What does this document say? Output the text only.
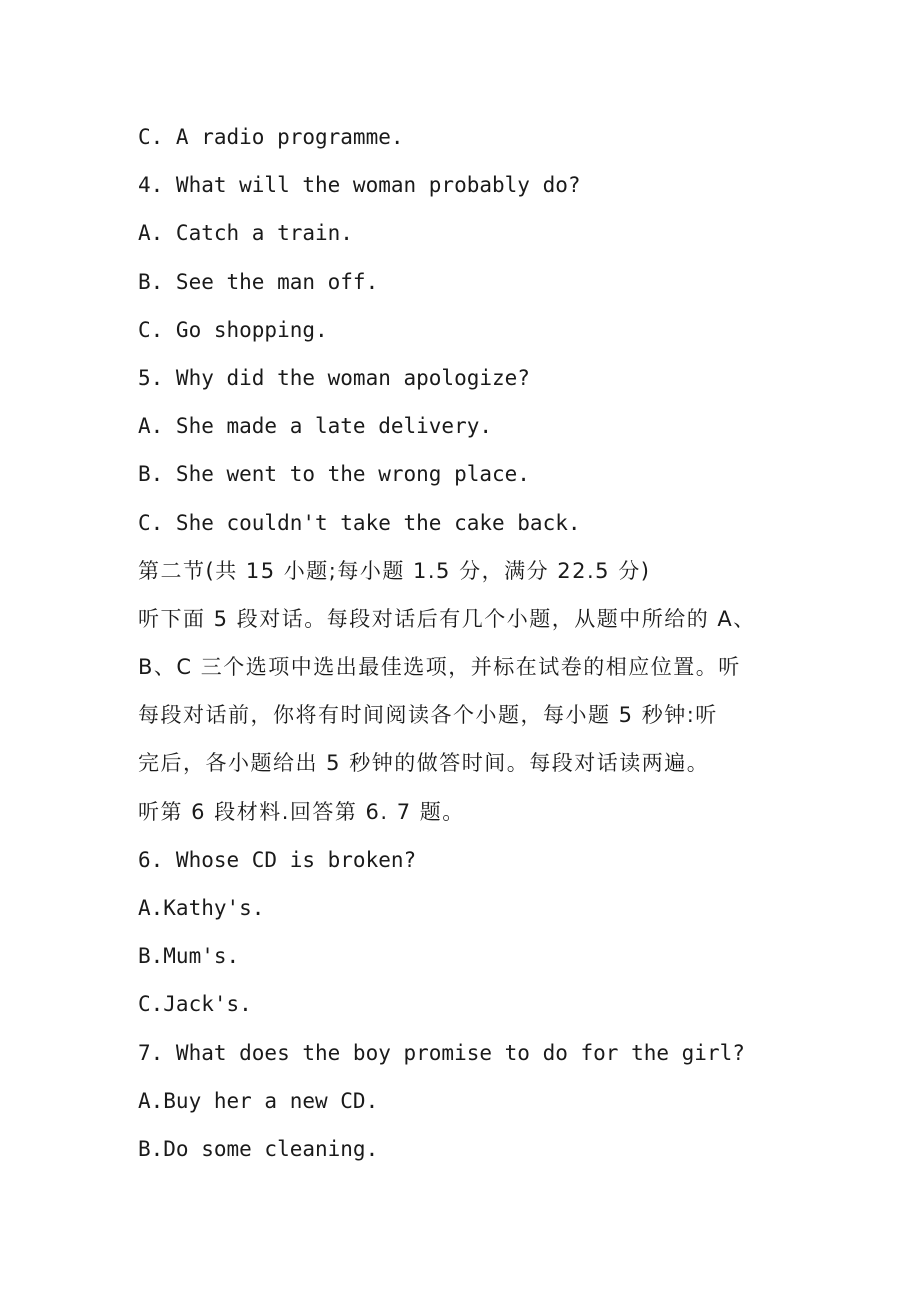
C. A radio programme.
4. What will the woman probably do?
A. Catch a train.
B. See the man off.
C. Go shopping.
5. Why did the woman apologize?
A. She made a late delivery.
B. She went to the wrong place.
C. She couldn't take the cake back.
第二节(共 15 小题;每小题 1.5 分，满分 22.5 分)
听下面 5 段对话。每段对话后有几个小题，从题中所给的 A、
B、C 三个选项中选出最佳选项，并标在试卷的相应位置。听
每段对话前，你将有时间阅读各个小题，每小题 5 秒钟:听
完后，各小题给出 5 秒钟的做答时间。每段对话读两遍。
听第 6 段材料.回答第 6. 7 题。
6. Whose CD is broken?
A.Kathy's.
B.Mum's.
C.Jack's.
7. What does the boy promise to do for the girl?
A.Buy her a new CD.
B.Do some cleaning.
